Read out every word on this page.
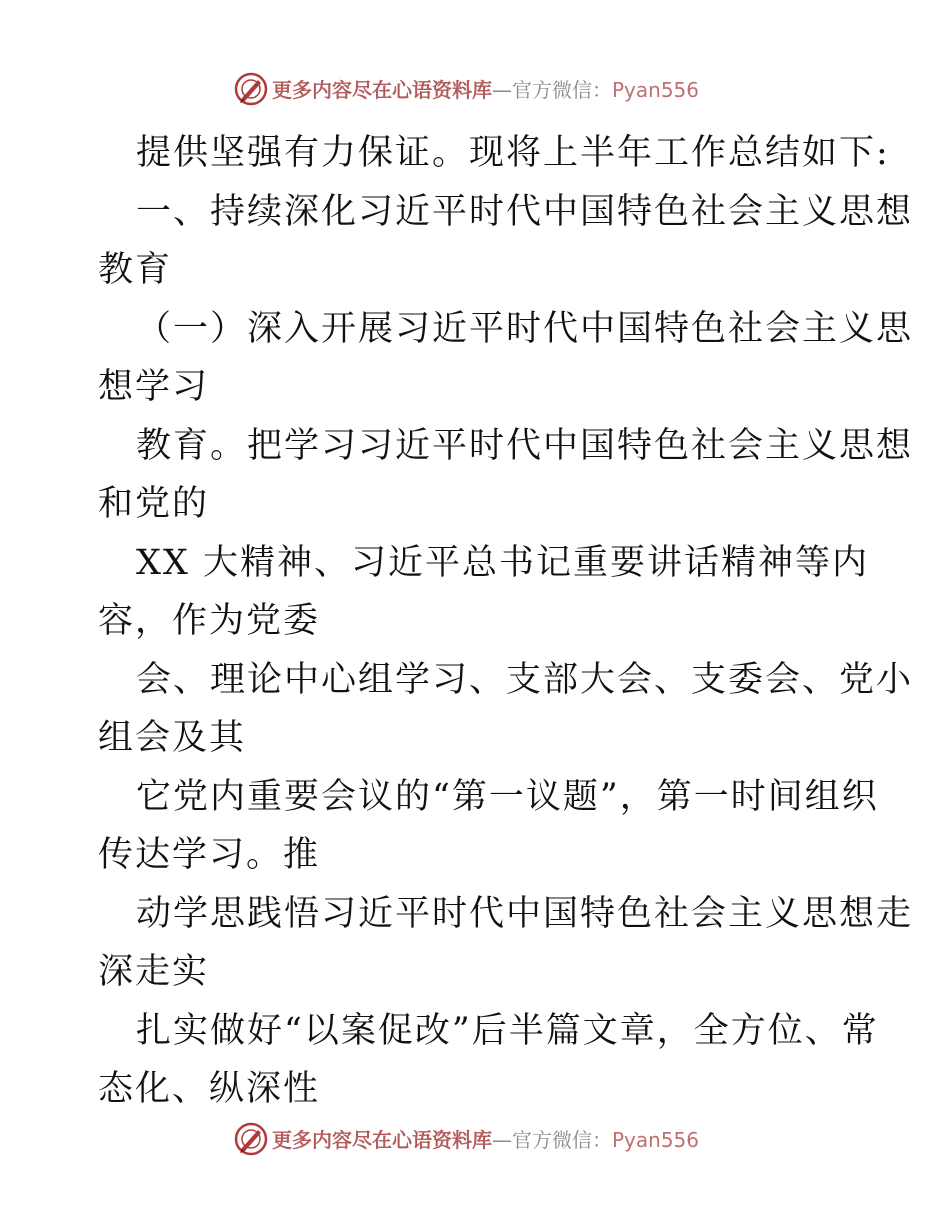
更多内容尽在心语资料库—官方微信：Pyan556
提供坚强有力保证。现将上半年工作总结如下:
一、持续深化习近平时代中国特色社会主义思想
教育
（一）深入开展习近平时代中国特色社会主义思
想学习
教育。把学习习近平时代中国特色社会主义思想
和党的
XX 大精神、习近平总书记重要讲话精神等内
容，作为党委
会、理论中心组学习、支部大会、支委会、党小
组会及其
它党内重要会议的“第一议题”，第一时间组织
传达学习。推
动学思践悟习近平时代中国特色社会主义思想走
深走实
扎实做好“以案促改”后半篇文章，全方位、常
态化、纵深性
更多内容尽在心语资料库—官方微信：Pyan556
